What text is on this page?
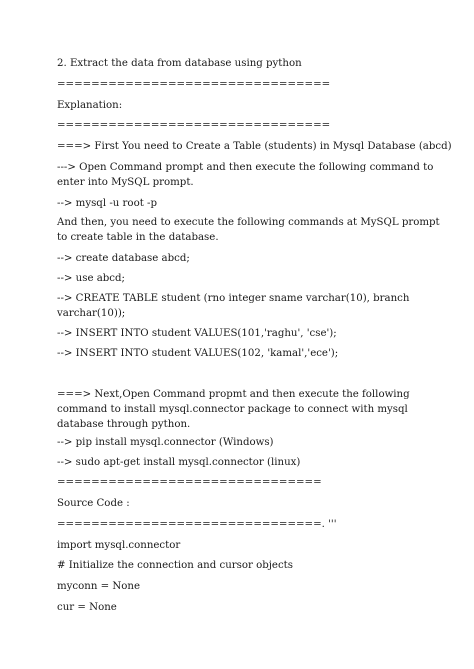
2. Extract the data from database using python

================================

Explanation:

================================

===> First You need to Create a Table (students) in Mysql Database (abcd)

---> Open Command prompt and then execute the following command to enter into MySQL prompt.

--> mysql -u root -p

And then, you need to execute the following commands at MySQL prompt to create table in the database.

--> create database abcd;

--> use abcd;

--> CREATE TABLE student (rno integer sname varchar(10), branch varchar(10));

--> INSERT INTO student VALUES(101,'raghu', 'cse');

--> INSERT INTO student VALUES(102, 'kamal','ece');

===> Next,Open Command propmt and then execute the following command to install mysql.connector package to connect with mysql database through python.

--> pip install mysql.connector (Windows)

--> sudo apt-get install mysql.connector (linux)

===============================

Source Code :

===============================. '''

import mysql.connector

# Initialize the connection and cursor objects

myconn = None

cur = None
